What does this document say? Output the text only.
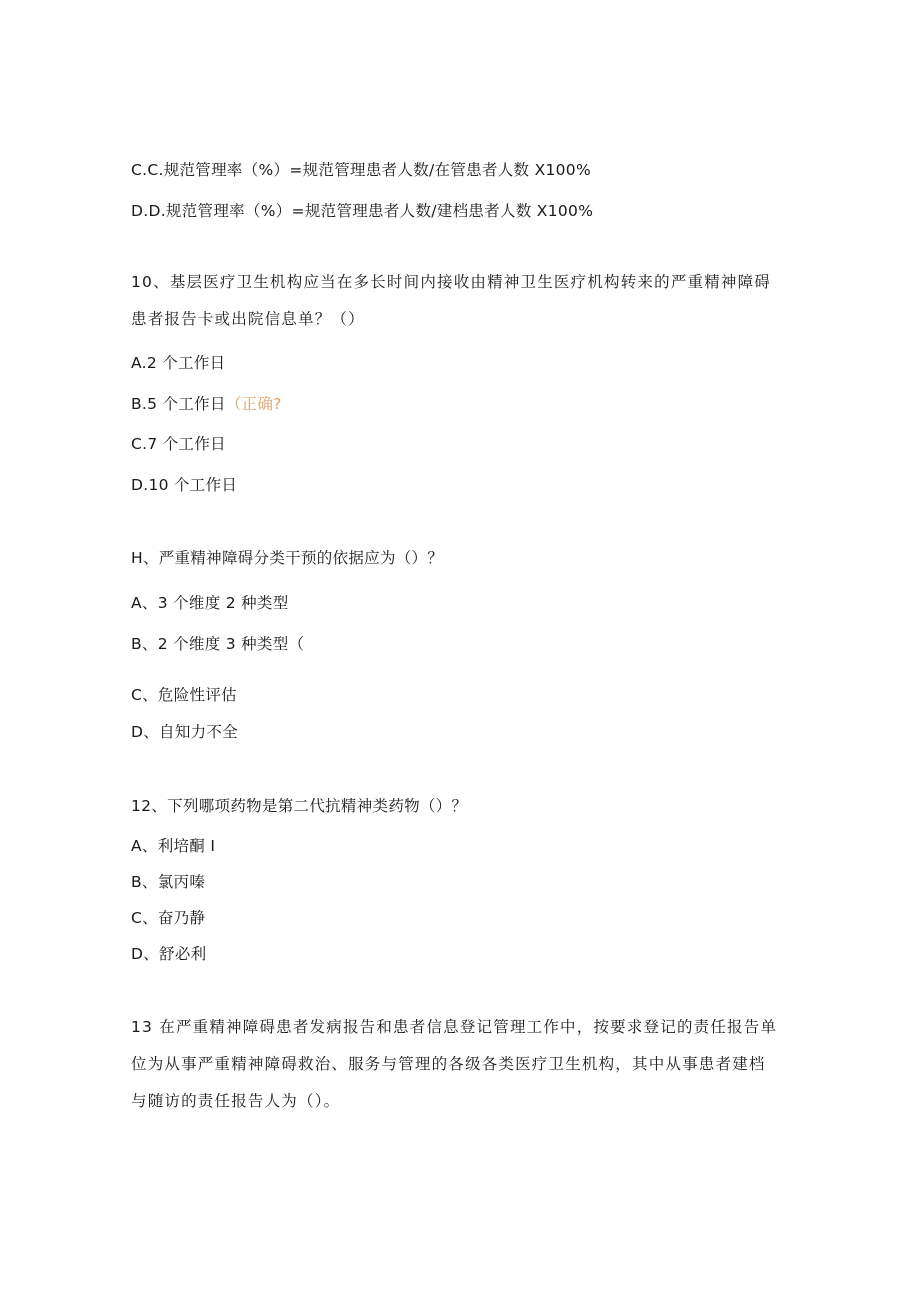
C.C.规范管理率（%）=规范管理患者人数/在管患者人数 X100%
D.D.规范管理率（%）=规范管理患者人数/建档患者人数 X100%
10、基层医疗卫生机构应当在多长时间内接收由精神卫生医疗机构转来的严重精神障碍
患者报告卡或出院信息单？（）
A.2 个工作日
B.5 个工作日（正确?
C.7 个工作日
D.10 个工作日
H、严重精神障碍分类干预的依据应为（）？
A、3 个维度 2 种类型
B、2 个维度 3 种类型（
C、危险性评估
D、自知力不全
12、下列哪项药物是第二代抗精神类药物（）？
A、利培酮 I
B、氯丙嗪
C、奋乃静
D、舒必利
13 在严重精神障碍患者发病报告和患者信息登记管理工作中，按要求登记的责任报告单
位为从事严重精神障碍救治、服务与管理的各级各类医疗卫生机构，其中从事患者建档
与随访的责任报告人为（）。
